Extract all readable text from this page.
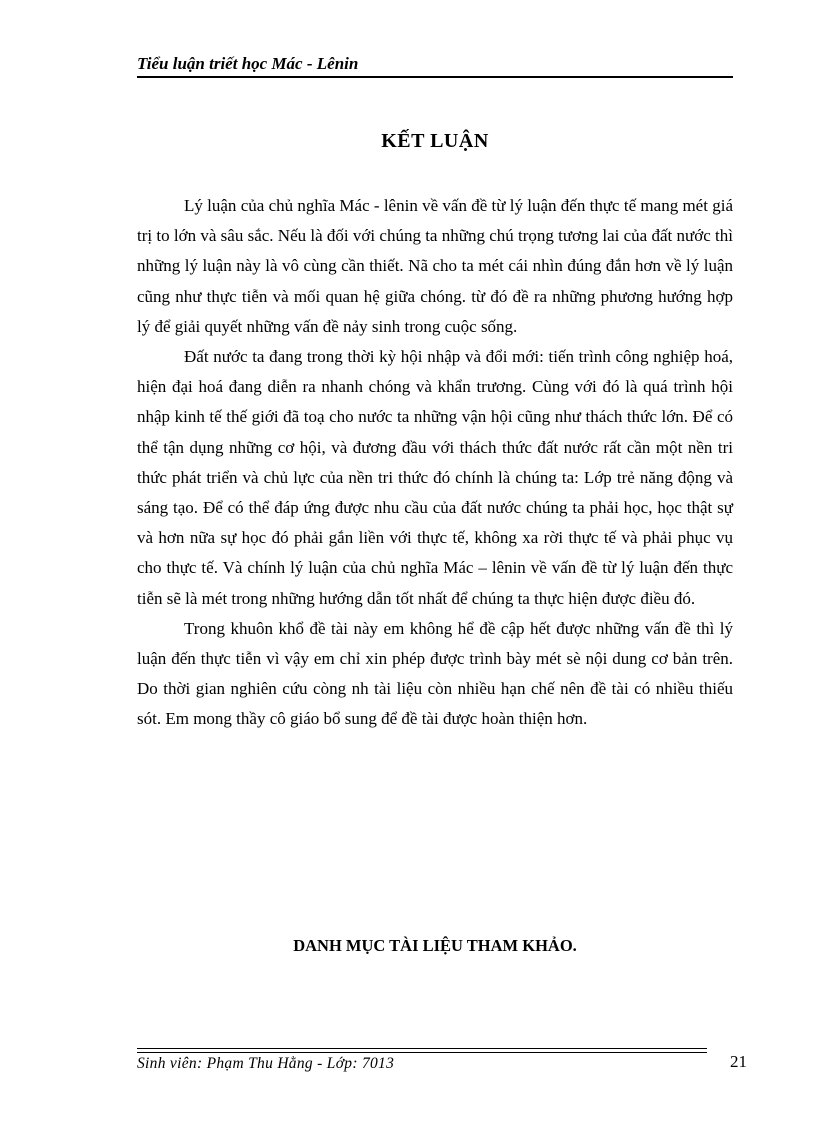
Tiểu luận triết học Mác - Lênin
KẾT LUẬN

Lý luận của chủ nghĩa Mác - lênin về vấn đề từ lý luận đến thực tế mang mét giá trị to lớn và sâu sắc. Nếu là đối với chúng ta những chú trọng tương lai của đất nước thì những lý luận này là vô cùng cần thiết. Nã cho ta mét cái nhìn đúng đắn hơn về lý luận cũng như thực tiễn và mối quan hệ giữa chóng. từ đó đề ra những phương hướng hợp lý để giải quyết những vấn đề nảy sinh trong cuộc sống.

Đất nước ta đang trong thời kỳ hội nhập và đổi mới: tiến trình công nghiệp hoá, hiện đại hoá đang diễn ra nhanh chóng và khẩn trương. Cùng với đó là quá trình hội nhập kinh tế thế giới đã toạ cho nước ta những vận hội cũng như thách thức lớn. Để có thể tận dụng những cơ hội, và đương đầu với thách thức đất nước rất cần một nền tri thức phát triển và chủ lực của nền tri thức đó chính là chúng ta: Lớp trẻ năng động và sáng tạo. Để có thể đáp ứng được nhu cầu của đất nước chúng ta phải học, học thật sự và hơn nữa sự học đó phải gắn liền với thực tế, không xa rời thực tế và phải phục vụ cho thực tế. Và chính lý luận của chủ nghĩa Mác – lênin về vấn đề từ lý luận đến thực tiễn sẽ là mét trong những hướng dẫn tốt nhất để chúng ta thực hiện được điều đó.

Trong khuôn khổ đề tài này em không hể đề cập hết được những vấn đề thì lý luận đến thực tiễn vì vậy em chỉ xin phép được trình bày mét sè nội dung cơ bản trên. Do thời gian nghiên cứu còng nh tài liệu còn nhiều hạn chế nên đề tài có nhiều thiếu sót. Em mong thầy cô giáo bổ sung để đề tài được hoàn thiện hơn.

DANH MỤC TÀI LIỆU THAM KHẢO.
Sinh viên: Phạm Thu Hằng - Lớp: 7013	21
